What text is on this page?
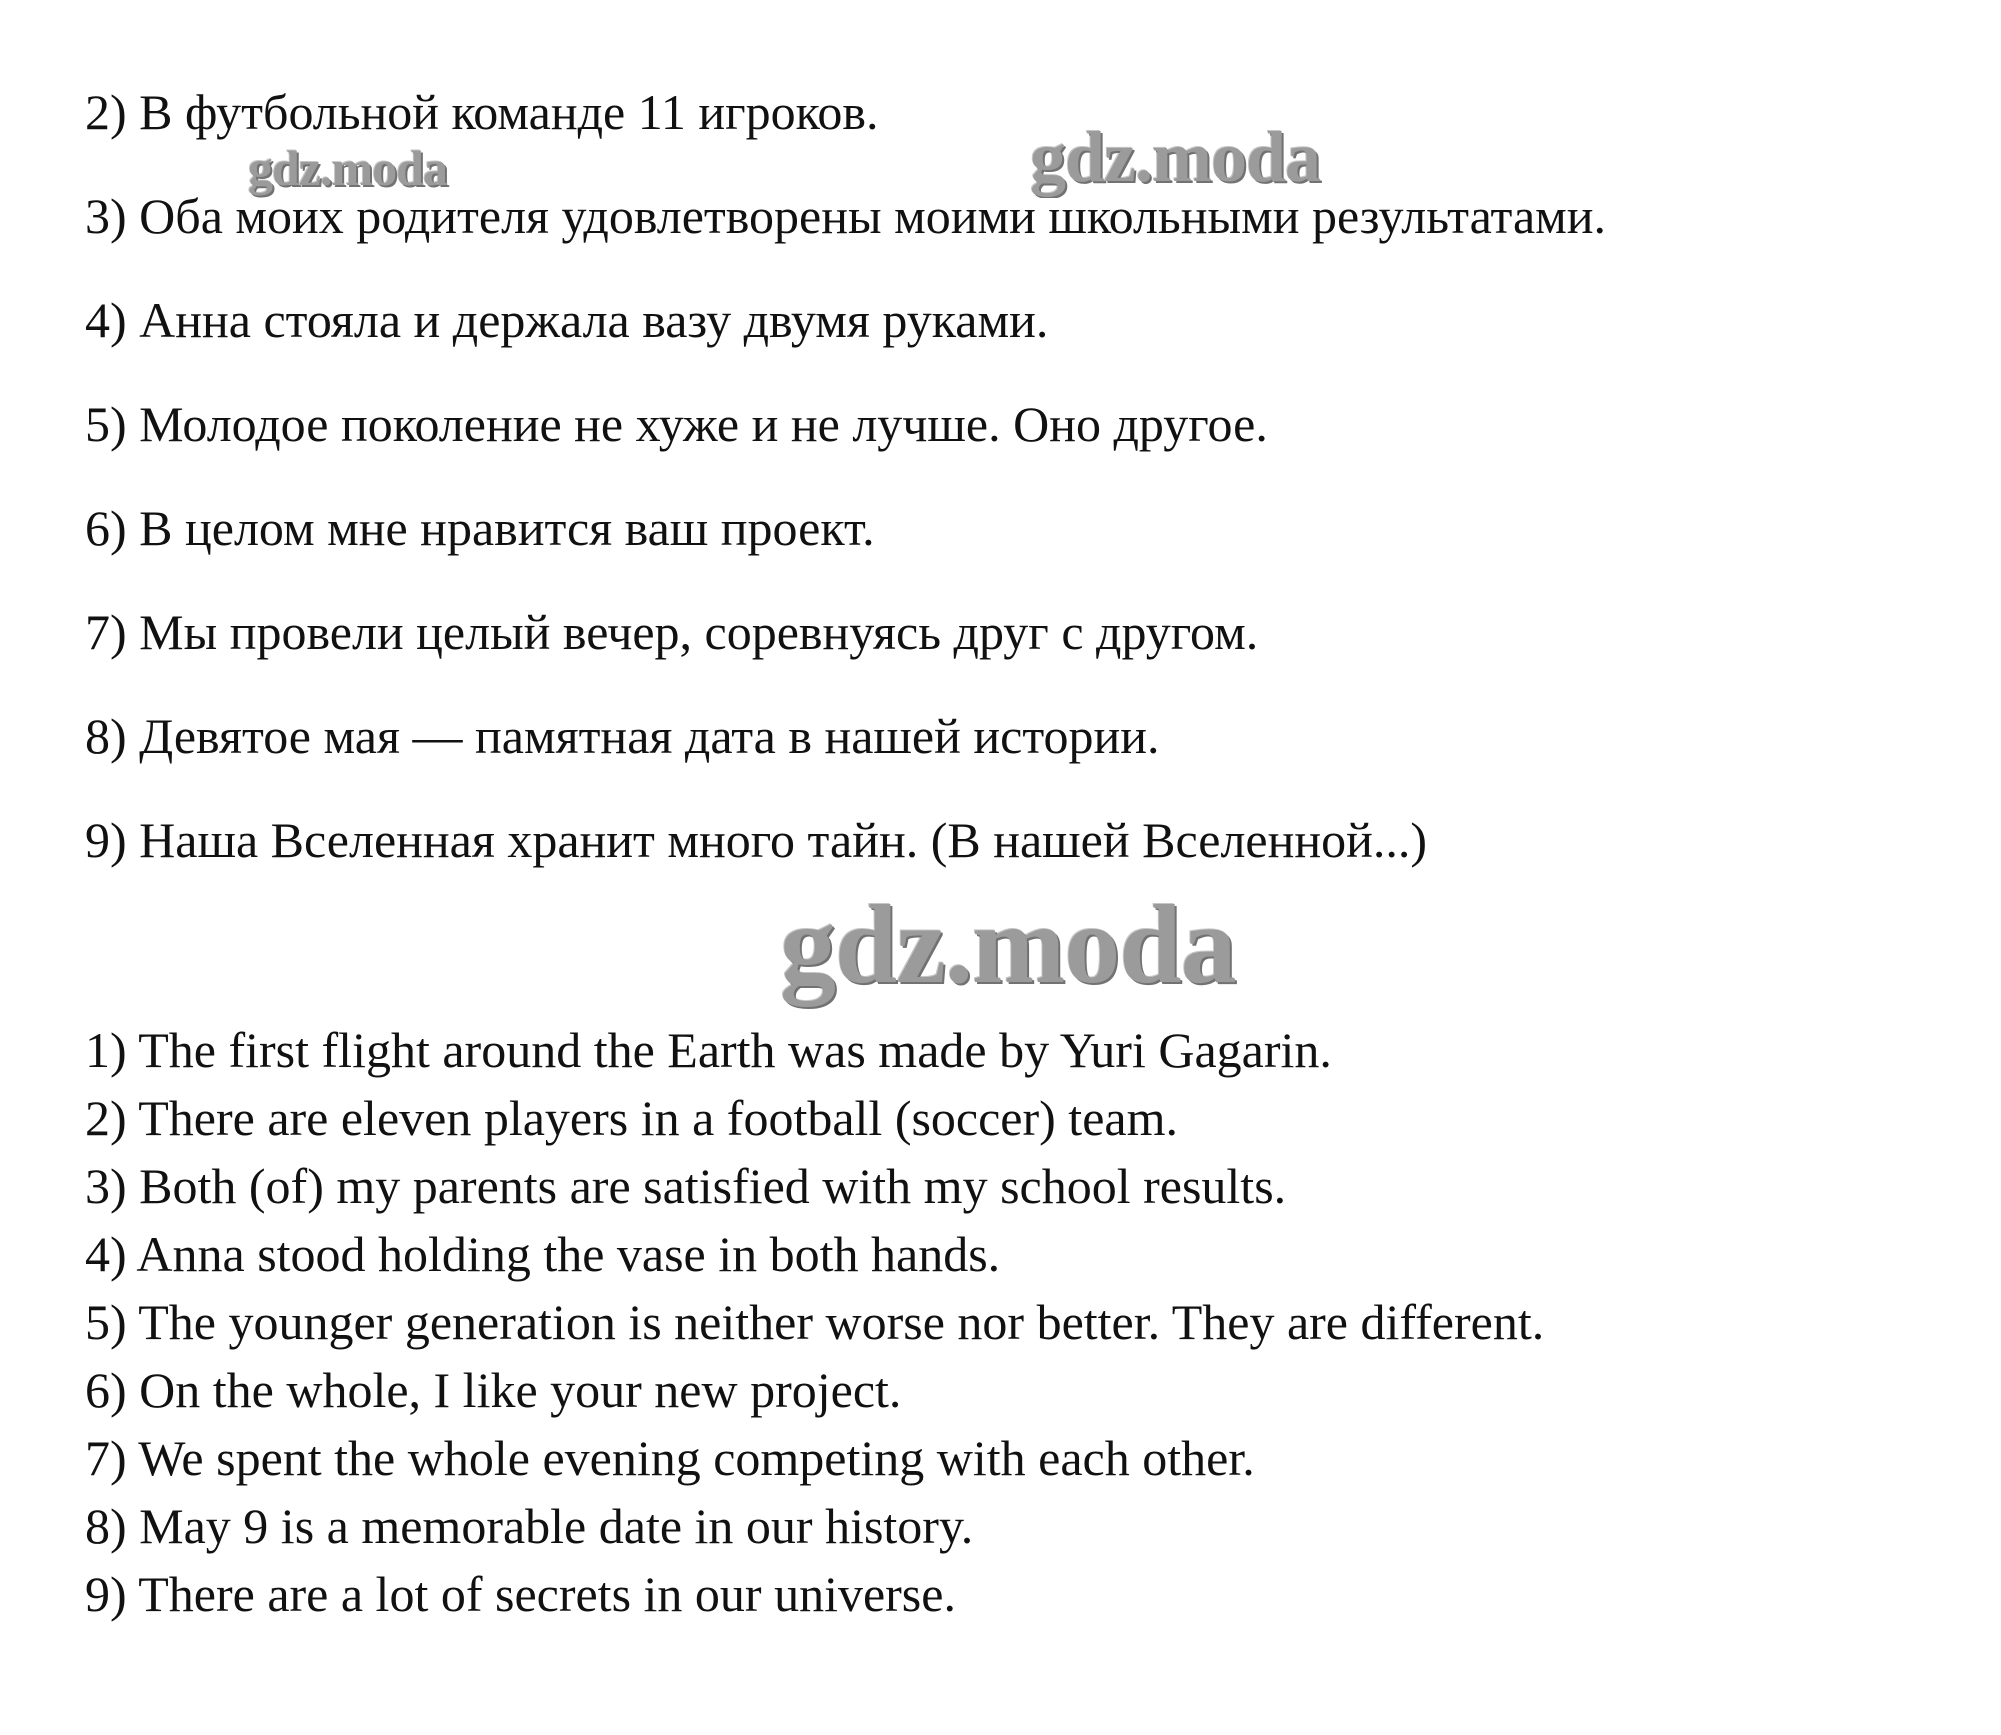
2) В футбольной команде 11 игроков.
3) Оба моих родителя удовлетворены моими школьными результатами.
4) Анна стояла и держала вазу двумя руками.
5) Молодое поколение не хуже и не лучше. Оно другое.
6) В целом мне нравится ваш проект.
7) Мы провели целый вечер, соревнуясь друг с другом.
8) Девятое мая — памятная дата в нашей истории.
9) Наша Вселенная хранит много тайн. (В нашей Вселенной...)
1) The first flight around the Earth was made by Yuri Gagarin.
2) There are eleven players in a football (soccer) team.
3) Both (of) my parents are satisfied with my school results.
4) Anna stood holding the vase in both hands.
5) The younger generation is neither worse nor better. They are different.
6) On the whole, I like your new project.
7) We spent the whole evening competing with each other.
8) May 9 is a memorable date in our history.
9) There are a lot of secrets in our universe.
gdz.moda	gdz.moda
gdz.moda
